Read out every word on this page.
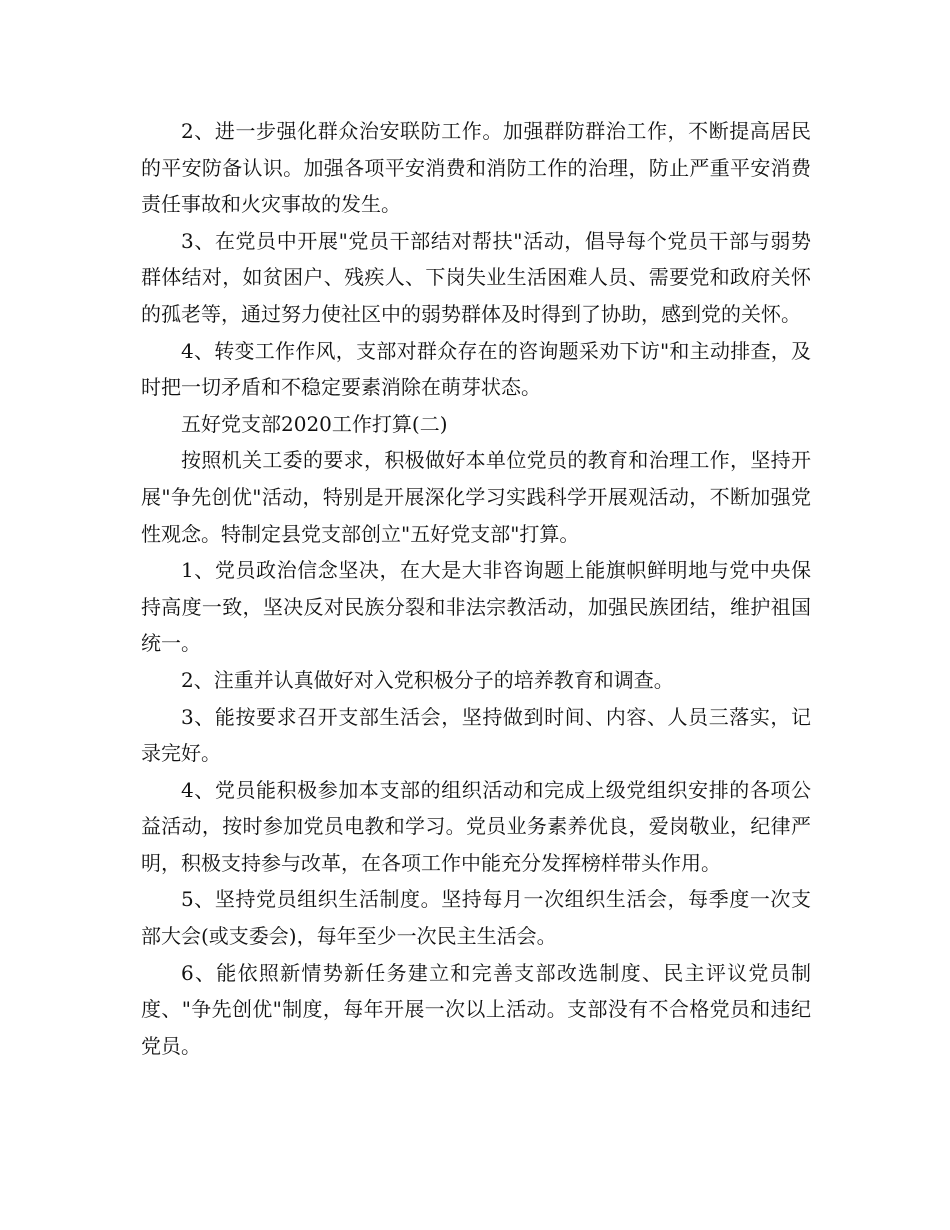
2、进一步强化群众治安联防工作。加强群防群治工作，不断提高居民的平安防备认识。加强各项平安消费和消防工作的治理，防止严重平安消费责任事故和火灾事故的发生。

3、在党员中开展"党员干部结对帮扶"活动，倡导每个党员干部与弱势群体结对，如贫困户、残疾人、下岗失业生活困难人员、需要党和政府关怀的孤老等，通过努力使社区中的弱势群体及时得到了协助，感到党的关怀。

4、转变工作作风，支部对群众存在的咨询题采劝下访"和主动排查，及时把一切矛盾和不稳定要素消除在萌芽状态。

五好党支部2020工作打算(二)

按照机关工委的要求，积极做好本单位党员的教育和治理工作，坚持开展"争先创优"活动，特别是开展深化学习实践科学开展观活动，不断加强党性观念。特制定县党支部创立"五好党支部"打算。

1、党员政治信念坚决，在大是大非咨询题上能旗帜鲜明地与党中央保持高度一致，坚决反对民族分裂和非法宗教活动，加强民族团结，维护祖国统一。

2、注重并认真做好对入党积极分子的培养教育和调查。

3、能按要求召开支部生活会，坚持做到时间、内容、人员三落实，记录完好。

4、党员能积极参加本支部的组织活动和完成上级党组织安排的各项公益活动，按时参加党员电教和学习。党员业务素养优良，爱岗敬业，纪律严明，积极支持参与改革，在各项工作中能充分发挥榜样带头作用。

5、坚持党员组织生活制度。坚持每月一次组织生活会，每季度一次支部大会(或支委会)，每年至少一次民主生活会。

6、能依照新情势新任务建立和完善支部改选制度、民主评议党员制度、"争先创优"制度，每年开展一次以上活动。支部没有不合格党员和违纪党员。
